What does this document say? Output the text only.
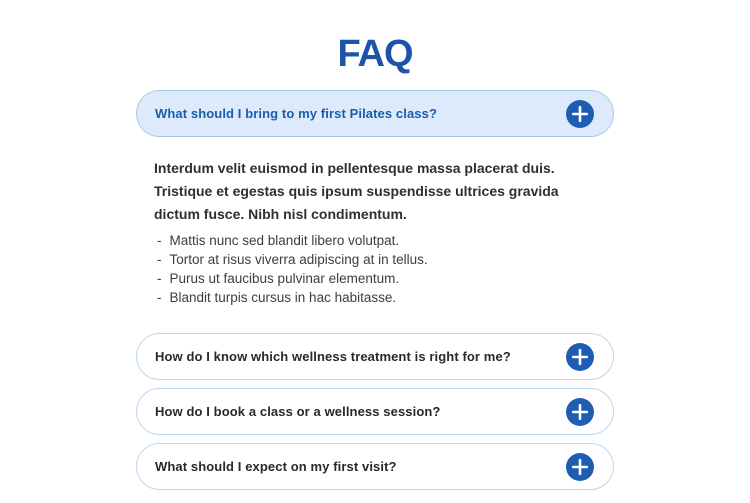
FAQ
What should I bring to my first Pilates class?

Interdum velit euismod in pellentesque massa placerat duis. Tristique et egestas quis ipsum suspendisse ultrices gravida dictum fusce. Nibh nisl condimentum.

- Mattis nunc sed blandit libero volutpat.
- Tortor at risus viverra adipiscing at in tellus.
- Purus ut faucibus pulvinar elementum.
- Blandit turpis cursus in hac habitasse.
How do I know which wellness treatment is right for me?
How do I book a class or a wellness session?
What should I expect on my first visit?
